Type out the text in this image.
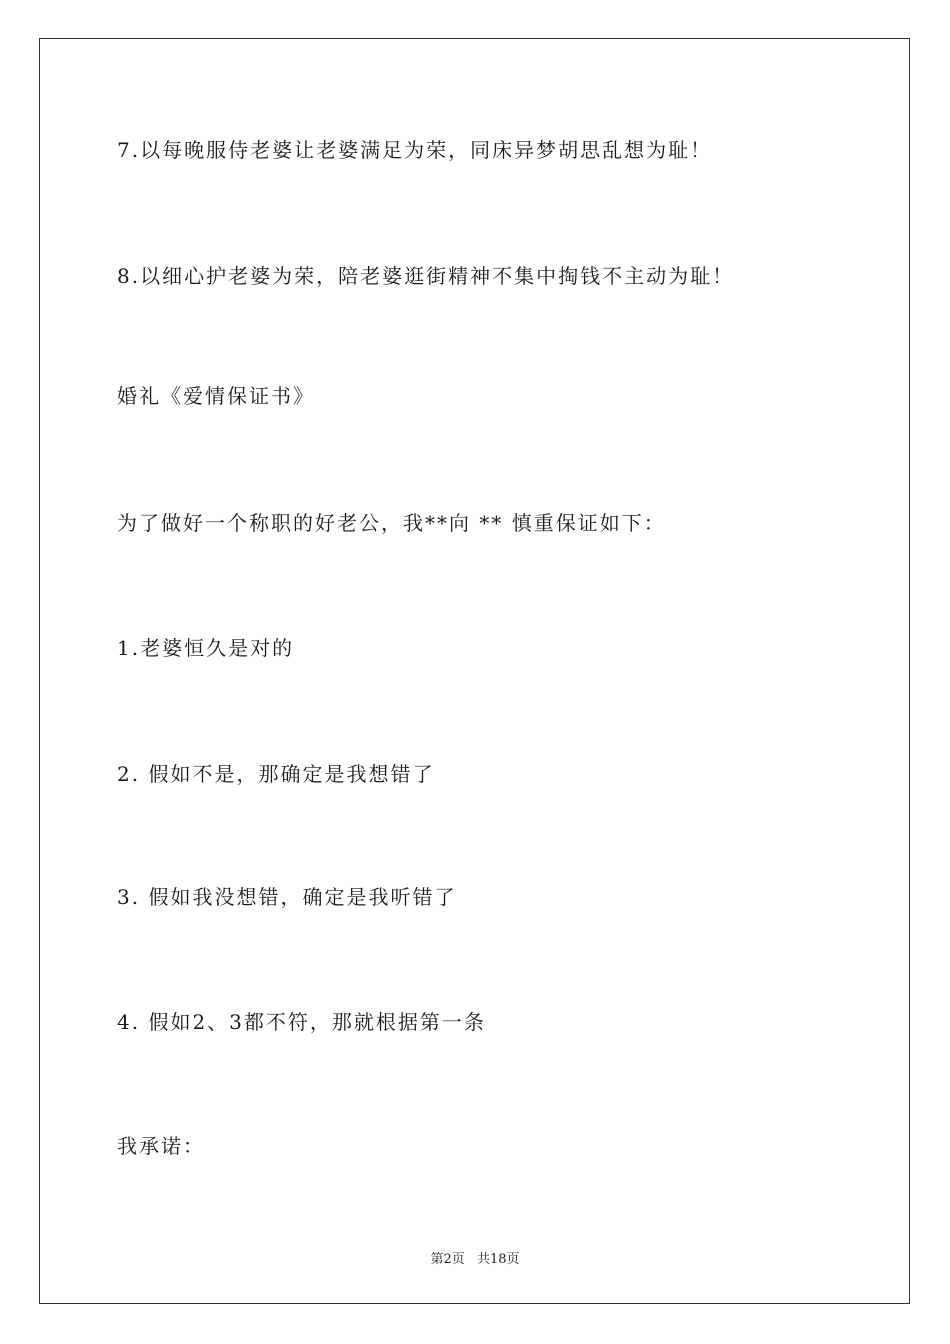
7.以每晚服侍老婆让老婆满足为荣，同床异梦胡思乱想为耻！

8.以细心护老婆为荣，陪老婆逛街精神不集中掏钱不主动为耻！

婚礼《爱情保证书》

为了做好一个称职的好老公，我**向 ** 慎重保证如下：

1.老婆恒久是对的

2. 假如不是，那确定是我想错了

3. 假如我没想错，确定是我听错了

4. 假如2、3都不符，那就根据第一条

我承诺：

第2页 共18页
